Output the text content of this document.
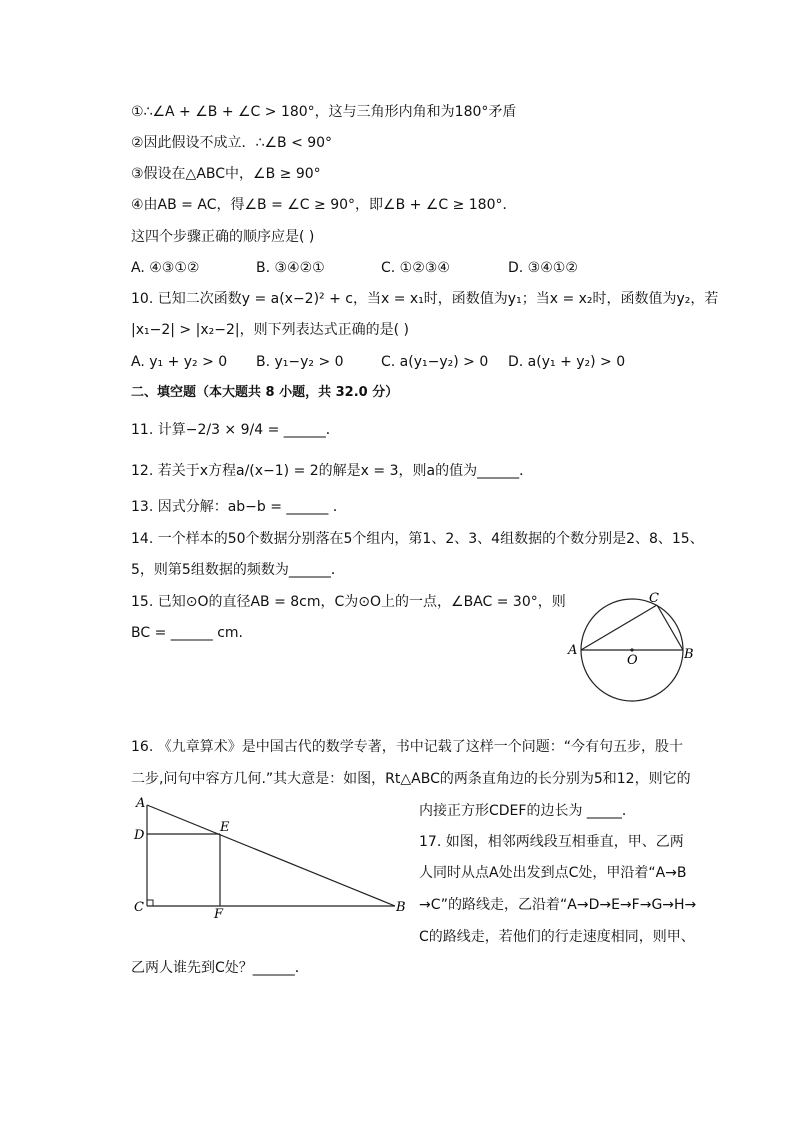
①∴∠A + ∠B + ∠C > 180°，这与三角形内角和为180°矛盾
②因此假设不成立．∴∠B < 90°
③假设在△ABC中，∠B ≥ 90°
④由AB = AC，得∠B = ∠C ≥ 90°，即∠B + ∠C ≥ 180°．
这四个步骤正确的顺序应是( )
A. ④③①②	B. ③④②①	C. ①②③④	D. ③④①②
10. 已知二次函数y = a(x−2)² + c，当x = x₁时，函数值为y₁；当x = x₂时，函数值为y₂，若
|x₁−2| > |x₂−2|，则下列表达式正确的是( )
A. y₁ + y₂ > 0 B. y₁−y₂ > 0	C. a(y₁−y₂) > 0 D. a(y₁ + y₂) > 0
二、填空题（本大题共 8 小题，共 32.0 分）
11. 计算−2/3 × 9/4 = ______．
12. 若关于x方程a/(x−1) = 2的解是x = 3，则a的值为______．
13. 因式分解：ab−b = ______ ．
14. 一个样本的50个数据分别落在5个组内，第1、2、3、4组数据的个数分别是2、8、15、
5，则第5组数据的频数为______．
15. 已知⊙O的直径AB = 8cm，C为⊙O上的一点，∠BAC = 30°，则
BC = ______ cm.
A	B
C
O
16. 《九章算术》是中国古代的数学专著，书中记载了这样一个问题：“今有句五步，股十
二步,问句中容方几何.”其大意是：如图，Rt△ABC的两条直角边的长分别为5和12，则它的
内接正方形CDEF的边长为 _____．
A
D
E
C	F	B
17. 如图，相邻两线段互相垂直，甲、乙两
人同时从点A处出发到点C处，甲沿着“A→B
→C”的路线走，乙沿着“A→D→E→F→G→H→
C的路线走，若他们的行走速度相同，则甲、
乙两人谁先到C处？______．
